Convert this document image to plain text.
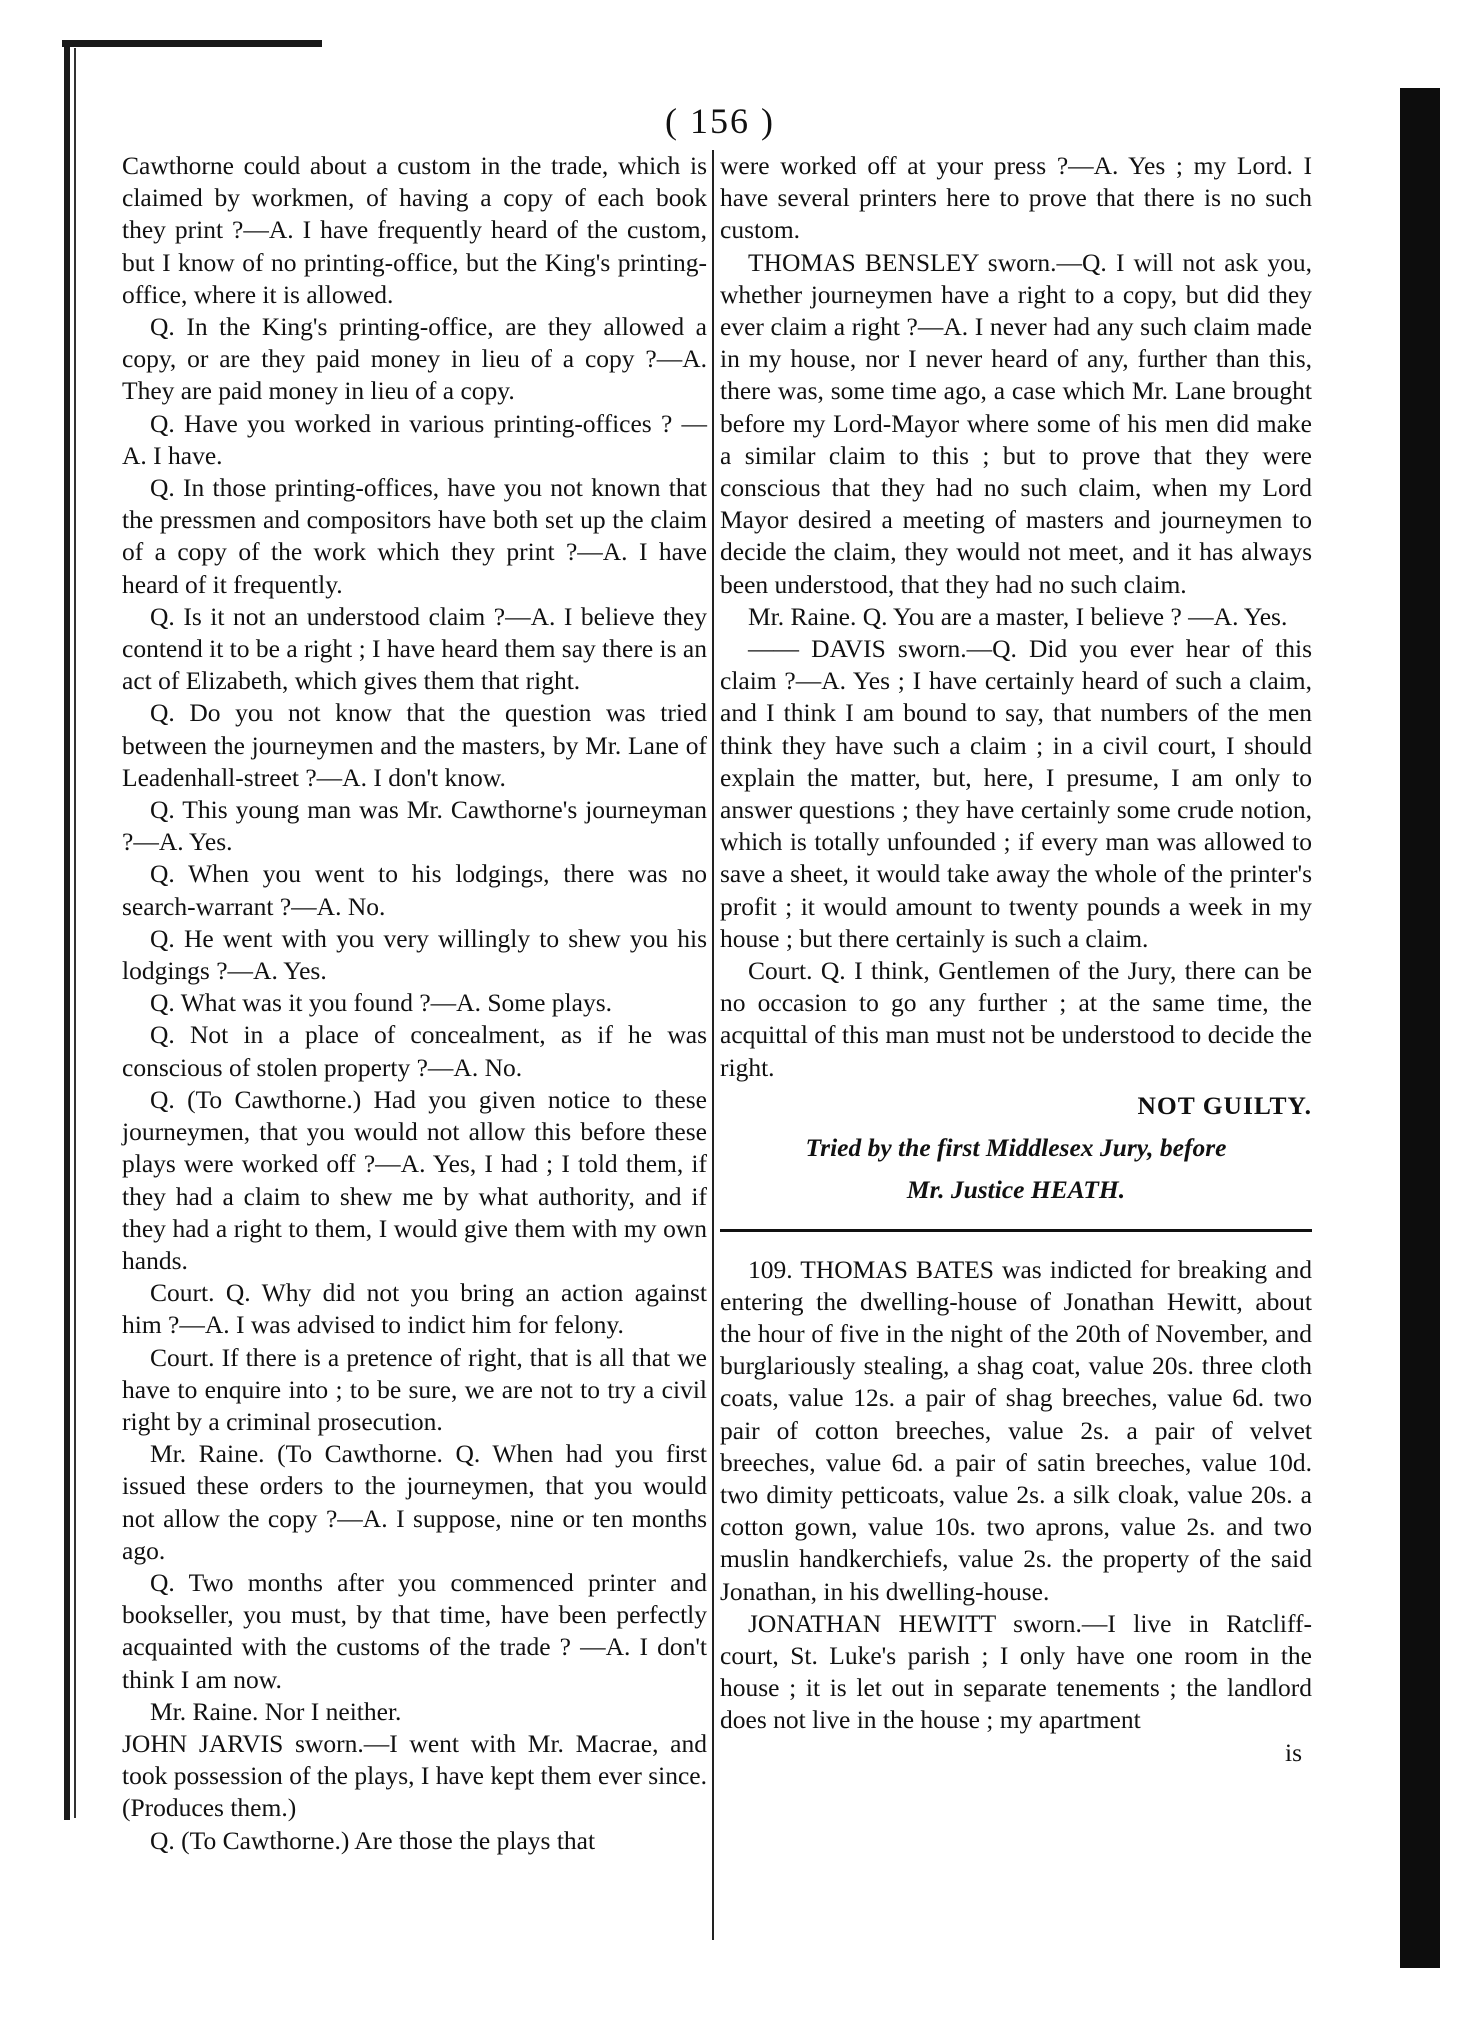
( 156 )

Cawthorne could about a custom in the trade, which is claimed by workmen, of having a copy of each book they print ?—A. I have frequently heard of the custom, but I know of no printing-office, but the King's printing-office, where it is allowed.

Q. In the King's printing-office, are they allowed a copy, or are they paid money in lieu of a copy ?—A. They are paid money in lieu of a copy.

Q. Have you worked in various printing-offices ? —A. I have.

Q. In those printing-offices, have you not known that the pressmen and compositors have both set up the claim of a copy of the work which they print ?—A. I have heard of it frequently.

Q. Is it not an understood claim ?—A. I believe they contend it to be a right ; I have heard them say there is an act of Elizabeth, which gives them that right.

Q. Do you not know that the question was tried between the journeymen and the masters, by Mr. Lane of Leadenhall-street ?—A. I don't know.

Q. This young man was Mr. Cawthorne's journeyman ?—A. Yes.

Q. When you went to his lodgings, there was no search-warrant ?—A. No.

Q. He went with you very willingly to shew you his lodgings ?—A. Yes.

Q. What was it you found ?—A. Some plays.

Q. Not in a place of concealment, as if he was conscious of stolen property ?—A. No.

Q. (To Cawthorne.) Had you given notice to these journeymen, that you would not allow this before these plays were worked off ?—A. Yes, I had ; I told them, if they had a claim to shew me by what authority, and if they had a right to them, I would give them with my own hands.

Court. Q. Why did not you bring an action against him ?—A. I was advised to indict him for felony.

Court. If there is a pretence of right, that is all that we have to enquire into ; to be sure, we are not to try a civil right by a criminal prosecution.

Mr. Raine. (To Cawthorne. Q. When had you first issued these orders to the journeymen, that you would not allow the copy ?—A. I suppose, nine or ten months ago.

Q. Two months after you commenced printer and bookseller, you must, by that time, have been perfectly acquainted with the customs of the trade ? —A. I don't think I am now.

Mr. Raine. Nor I neither.

JOHN JARVIS sworn.—I went with Mr. Macrae, and took possession of the plays, I have kept them ever since. (Produces them.)

Q. (To Cawthorne.) Are those the plays that

were worked off at your press ?—A. Yes ; my Lord. I have several printers here to prove that there is no such custom.

THOMAS BENSLEY sworn.—Q. I will not ask you, whether journeymen have a right to a copy, but did they ever claim a right ?—A. I never had any such claim made in my house, nor I never heard of any, further than this, there was, some time ago, a case which Mr. Lane brought before my Lord-Mayor where some of his men did make a similar claim to this ; but to prove that they were conscious that they had no such claim, when my Lord Mayor desired a meeting of masters and journeymen to decide the claim, they would not meet, and it has always been understood, that they had no such claim.

Mr. Raine. Q. You are a master, I believe ? —A. Yes.

—— DAVIS sworn.—Q. Did you ever hear of this claim ?—A. Yes ; I have certainly heard of such a claim, and I think I am bound to say, that numbers of the men think they have such a claim ; in a civil court, I should explain the matter, but, here, I presume, I am only to answer questions ; they have certainly some crude notion, which is totally unfounded ; if every man was allowed to save a sheet, it would take away the whole of the printer's profit ; it would amount to twenty pounds a week in my house ; but there certainly is such a claim.

Court. Q. I think, Gentlemen of the Jury, there can be no occasion to go any further ; at the same time, the acquittal of this man must not be understood to decide the right.

NOT GUILTY.

Tried by the first Middlesex Jury, before

Mr. Justice HEATH.

109. THOMAS BATES was indicted for breaking and entering the dwelling-house of Jonathan Hewitt, about the hour of five in the night of the 20th of November, and burglariously stealing, a shag coat, value 20s. three cloth coats, value 12s. a pair of shag breeches, value 6d. two pair of cotton breeches, value 2s. a pair of velvet breeches, value 6d. a pair of satin breeches, value 10d. two dimity petticoats, value 2s. a silk cloak, value 20s. a cotton gown, value 10s. two aprons, value 2s. and two muslin handkerchiefs, value 2s. the property of the said Jonathan, in his dwelling-house.

JONATHAN HEWITT sworn.—I live in Ratcliff-court, St. Luke's parish ; I only have one room in the house ; it is let out in separate tenements ; the landlord does not live in the house ; my apartment

is
